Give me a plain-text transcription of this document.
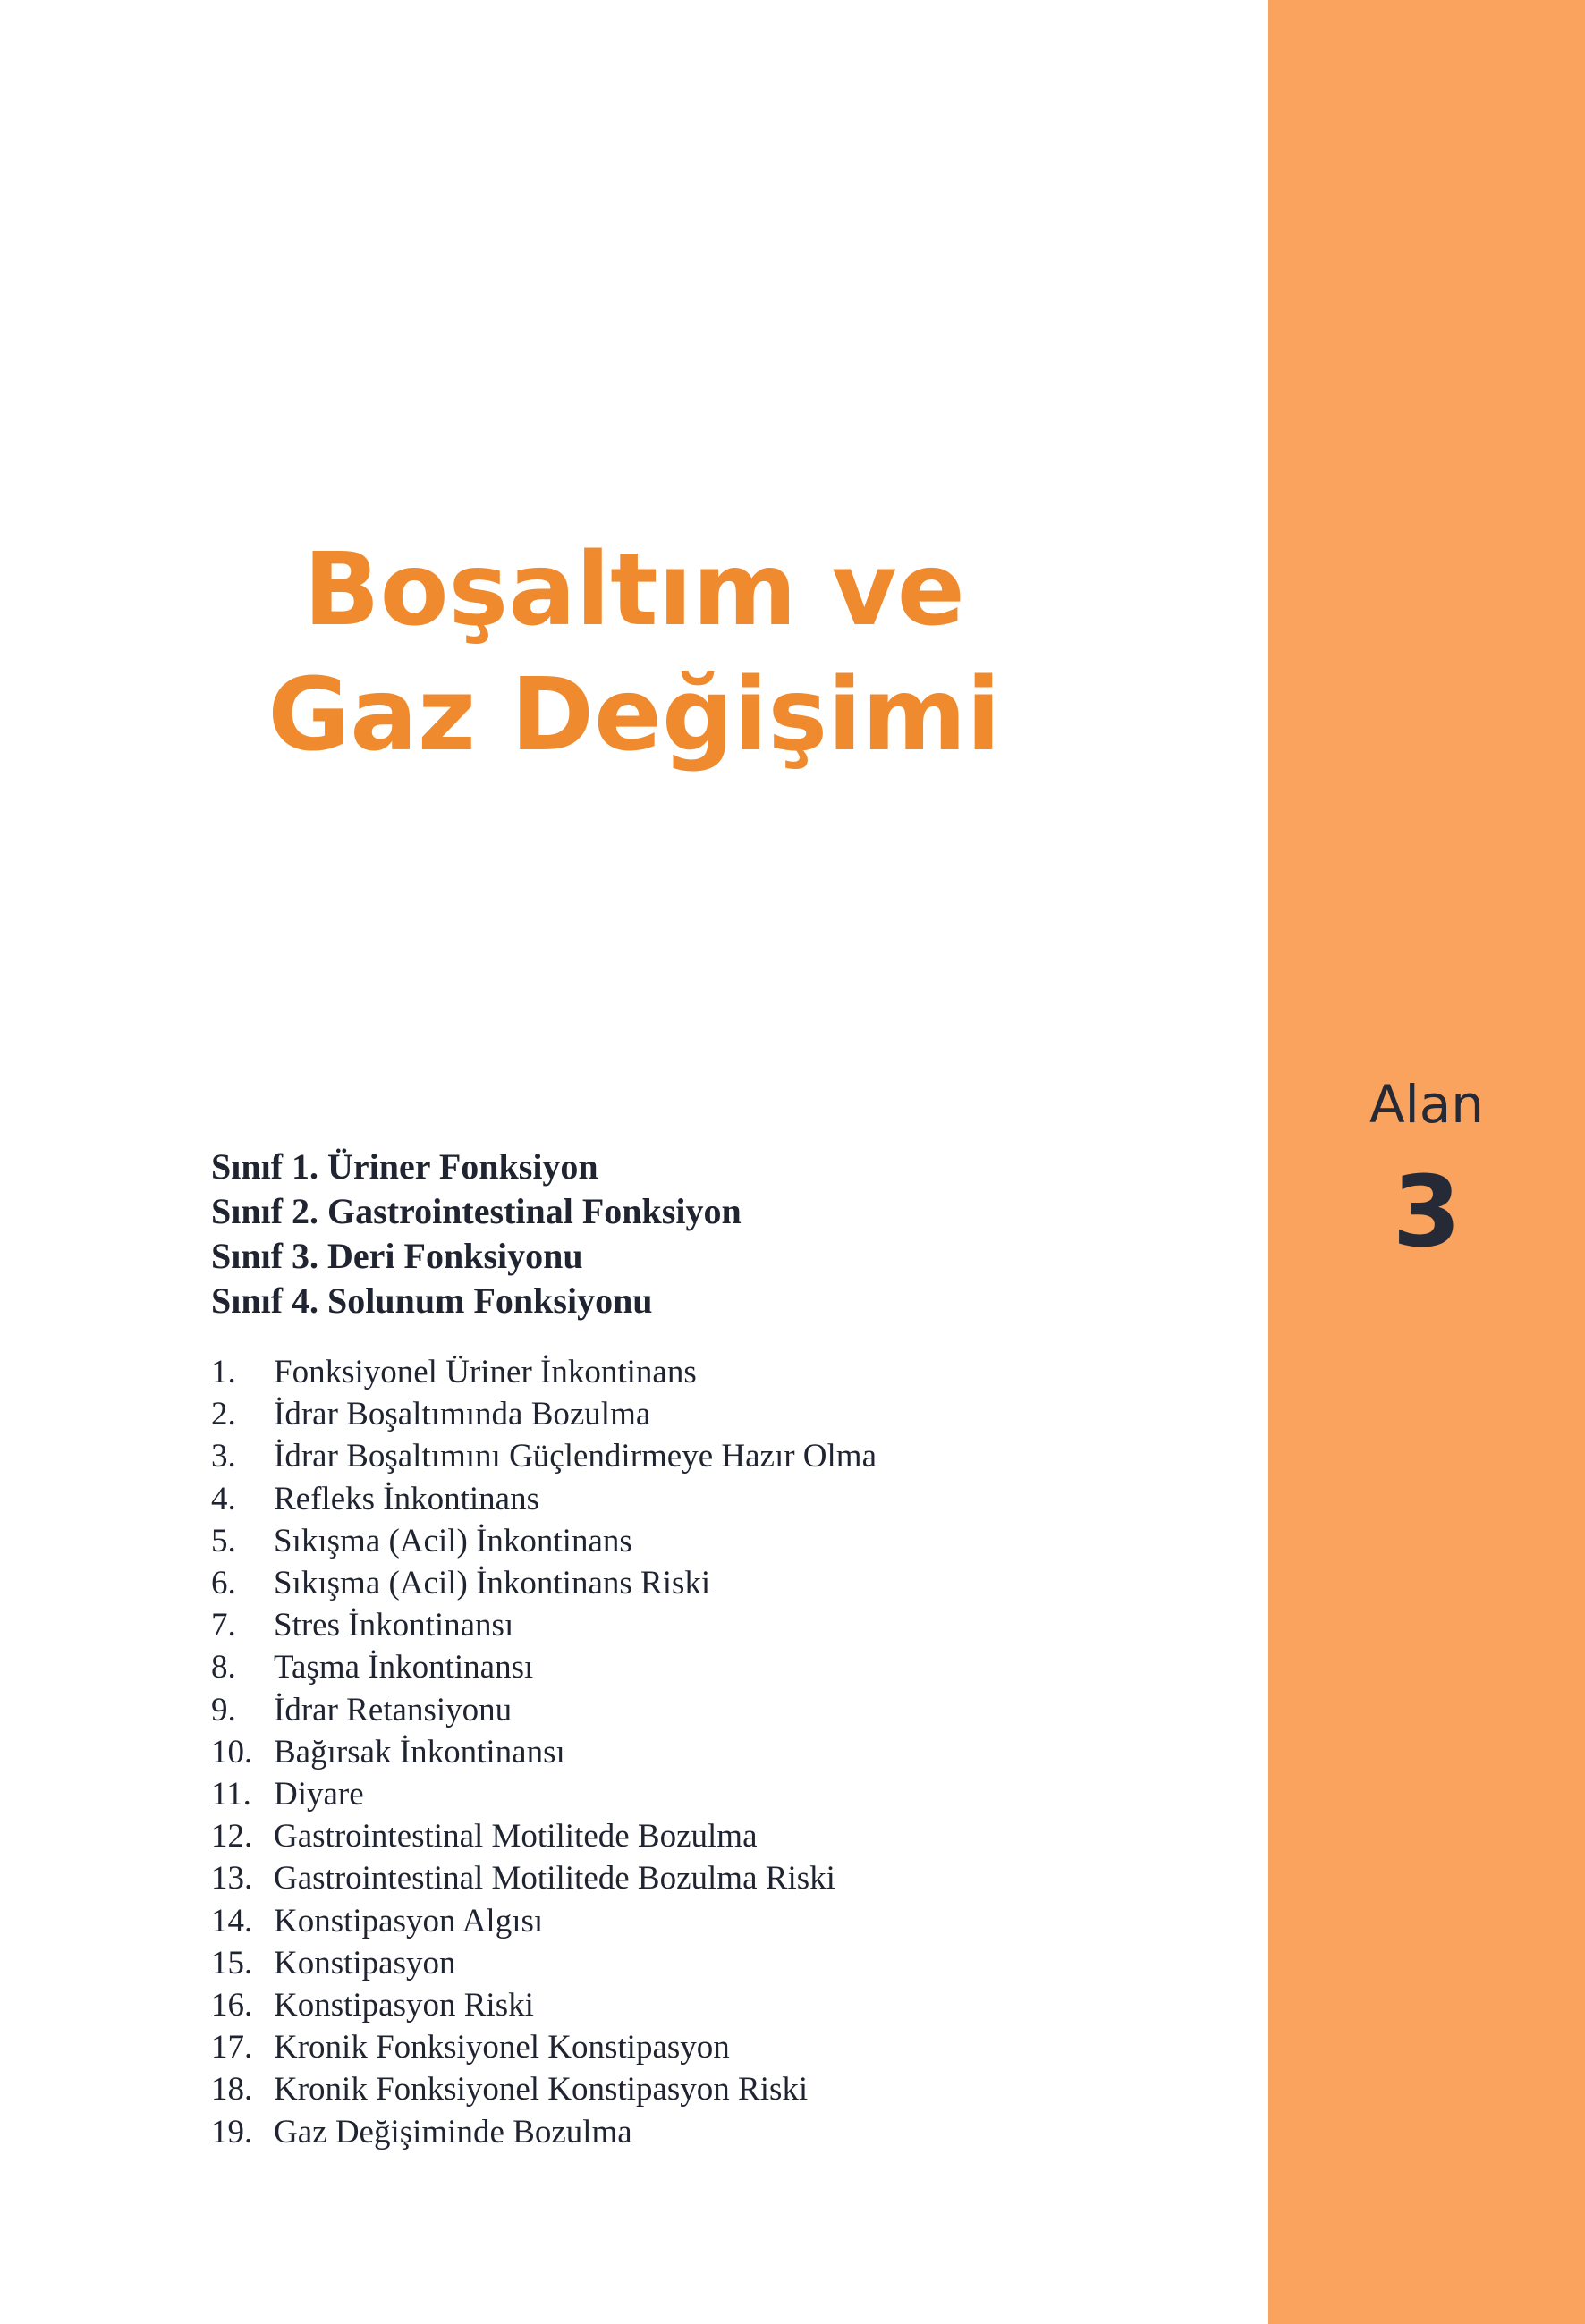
Boşaltım ve
Gaz Değişimi
Alan
3
Sınıf 1. Üriner Fonksiyon
Sınıf 2. Gastrointestinal Fonksiyon
Sınıf 3. Deri Fonksiyonu
Sınıf 4. Solunum Fonksiyonu
1. Fonksiyonel Üriner İnkontinans
2. İdrar Boşaltımında Bozulma
3. İdrar Boşaltımını Güçlendirmeye Hazır Olma
4. Refleks İnkontinans
5. Sıkışma (Acil) İnkontinans
6. Sıkışma (Acil) İnkontinans Riski
7. Stres İnkontinansı
8. Taşma İnkontinansı
9. İdrar Retansiyonu
10. Bağırsak İnkontinansı
11. Diyare
12. Gastrointestinal Motilitede Bozulma
13. Gastrointestinal Motilitede Bozulma Riski
14. Konstipasyon Algısı
15. Konstipasyon
16. Konstipasyon Riski
17. Kronik Fonksiyonel Konstipasyon
18. Kronik Fonksiyonel Konstipasyon Riski
19. Gaz Değişiminde Bozulma
